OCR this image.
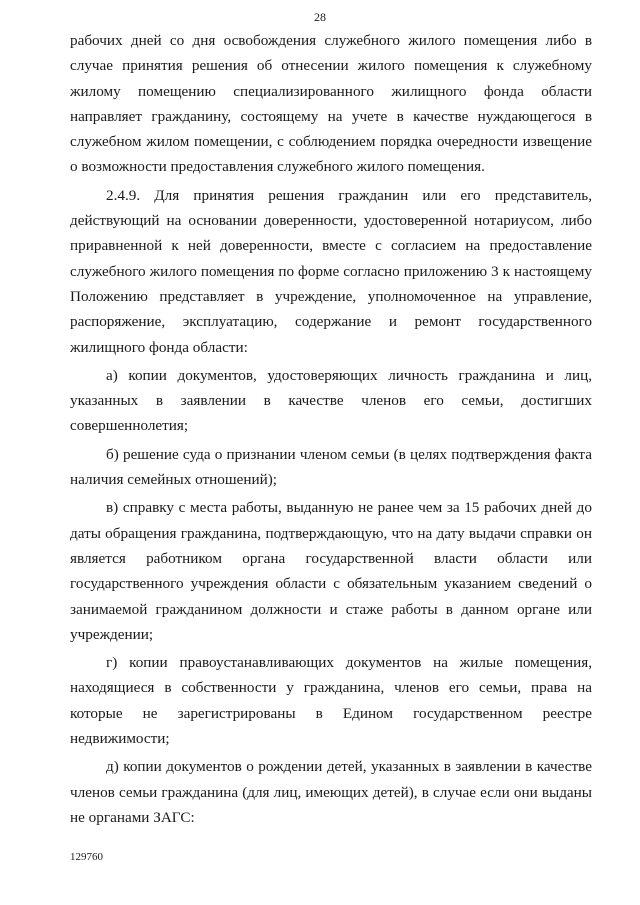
28

рабочих дней со дня освобождения служебного жилого помещения либо в случае принятия решения об отнесении жилого помещения к служебному жилому помещению специализированного жилищного фонда области направляет гражданину, состоящему на учете в качестве нуждающегося в служебном жилом помещении, с соблюдением порядка очередности извещение о возможности предоставления служебного жилого помещения.

2.4.9. Для принятия решения гражданин или его представитель, действующий на основании доверенности, удостоверенной нотариусом, либо приравненной к ней доверенности, вместе с согласием на предоставление служебного жилого помещения по форме согласно приложению 3 к настоящему Положению представляет в учреждение, уполномоченное на управление, распоряжение, эксплуатацию, содержание и ремонт государственного жилищного фонда области:

а) копии документов, удостоверяющих личность гражданина и лиц, указанных в заявлении в качестве членов его семьи, достигших совершеннолетия;

б) решение суда о признании членом семьи (в целях подтверждения факта наличия семейных отношений);

в) справку с места работы, выданную не ранее чем за 15 рабочих дней до даты обращения гражданина, подтверждающую, что на дату выдачи справки он является работником органа государственной власти области или государственного учреждения области с обязательным указанием сведений о занимаемой гражданином должности и стаже работы в данном органе или учреждении;

г) копии правоустанавливающих документов на жилые помещения, находящиеся в собственности у гражданина, членов его семьи, права на которые не зарегистрированы в Едином государственном реестре недвижимости;

д) копии документов о рождении детей, указанных в заявлении в качестве членов семьи гражданина (для лиц, имеющих детей), в случае если они выданы не органами ЗАГС:

129760
